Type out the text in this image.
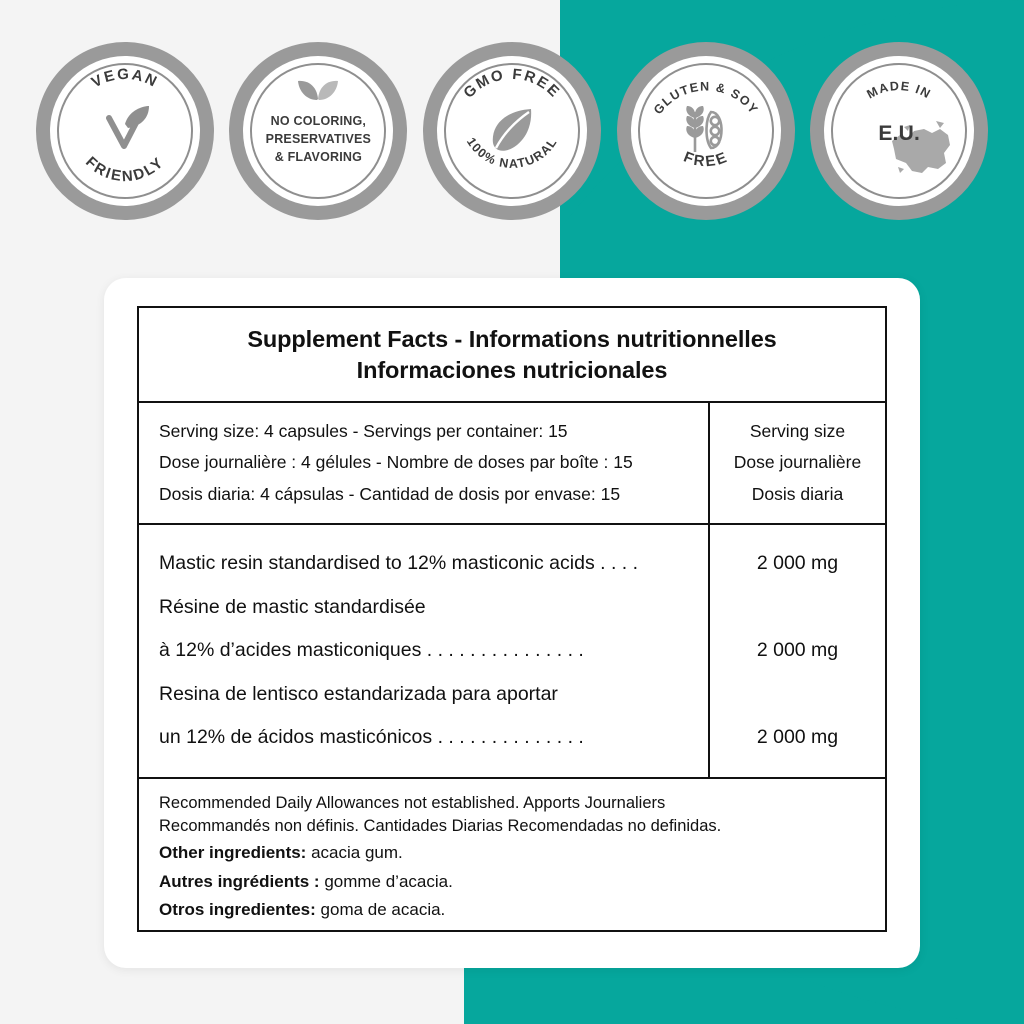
VEGAN
FRIENDLY
NO COLORING,
PRESERVATIVES
& FLAVORING
GMO FREE
100% NATURAL
GLUTEN & SOY
FREE
MADE IN
E.U.
Supplement Facts - Informations nutritionnelles
Informaciones nutricionales
Serving size: 4 capsules - Servings per container: 15
Dose journalière : 4 gélules - Nombre de doses par boîte : 15
Dosis diaria: 4 cápsulas - Cantidad de dosis por envase: 15
Serving size
Dose journalière
Dosis diaria
Mastic resin standardised to 12% masticonic acids . . . .
Résine de mastic standardisée
à 12% d’acides masticoniques . . . . . . . . . . . . . . .
Resina de lentisco estandarizada para aportar
un 12% de ácidos masticónicos . . . . . . . . . . . . . .
2 000 mg

2 000 mg

2 000 mg
Recommended Daily Allowances not established. Apports Journaliers
Recommandés non définis. Cantidades Diarias Recomendadas no definidas.
Other ingredients: acacia gum.
Autres ingrédients : gomme d’acacia.
Otros ingredientes: goma de acacia.
